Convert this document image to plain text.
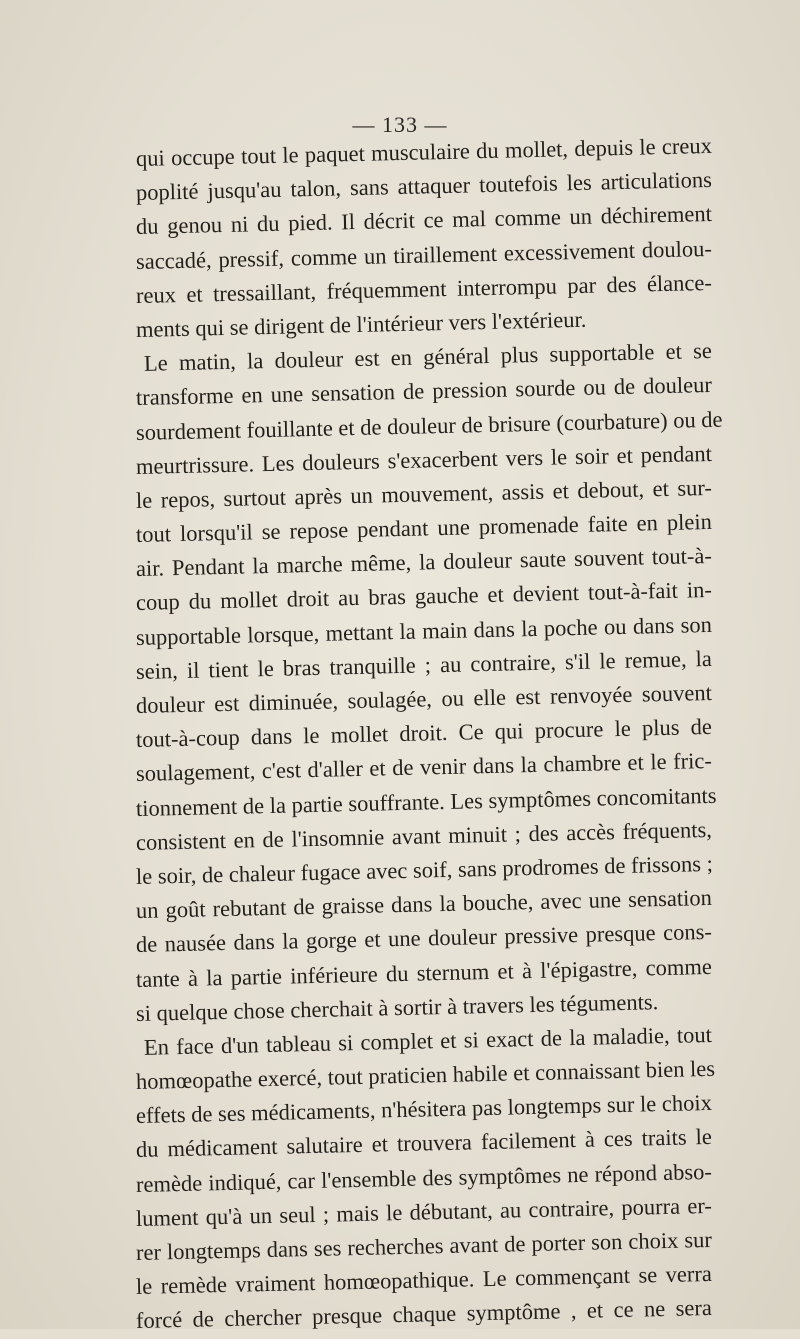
— 133 —
qui occupe tout le paquet musculaire du mollet, depuis le creux
poplité jusqu'au talon, sans attaquer toutefois les articulations
du genou ni du pied. Il décrit ce mal comme un déchirement
saccadé, pressif, comme un tiraillement excessivement doulou-
reux et tressaillant, fréquemment interrompu par des élance-
ments qui se dirigent de l'intérieur vers l'extérieur.
Le matin, la douleur est en général plus supportable et se
transforme en une sensation de pression sourde ou de douleur
sourdement fouillante et de douleur de brisure (courbature) ou de
meurtrissure. Les douleurs s'exacerbent vers le soir et pendant
le repos, surtout après un mouvement, assis et debout, et sur-
tout lorsqu'il se repose pendant une promenade faite en plein
air. Pendant la marche même, la douleur saute souvent tout-à-
coup du mollet droit au bras gauche et devient tout-à-fait in-
supportable lorsque, mettant la main dans la poche ou dans son
sein, il tient le bras tranquille ; au contraire, s'il le remue, la
douleur est diminuée, soulagée, ou elle est renvoyée souvent
tout-à-coup dans le mollet droit. Ce qui procure le plus de
soulagement, c'est d'aller et de venir dans la chambre et le fric-
tionnement de la partie souffrante. Les symptômes concomitants
consistent en de l'insomnie avant minuit ; des accès fréquents,
le soir, de chaleur fugace avec soif, sans prodromes de frissons ;
un goût rebutant de graisse dans la bouche, avec une sensation
de nausée dans la gorge et une douleur pressive presque cons-
tante à la partie inférieure du sternum et à l'épigastre, comme
si quelque chose cherchait à sortir à travers les téguments.
En face d'un tableau si complet et si exact de la maladie, tout
homœopathe exercé, tout praticien habile et connaissant bien les
effets de ses médicaments, n'hésitera pas longtemps sur le choix
du médicament salutaire et trouvera facilement à ces traits le
remède indiqué, car l'ensemble des symptômes ne répond abso-
lument qu'à un seul ; mais le débutant, au contraire, pourra er-
rer longtemps dans ses recherches avant de porter son choix sur
le remède vraiment homœopathique. Le commençant se verra
forcé de chercher presque chaque symptôme , et ce ne sera
